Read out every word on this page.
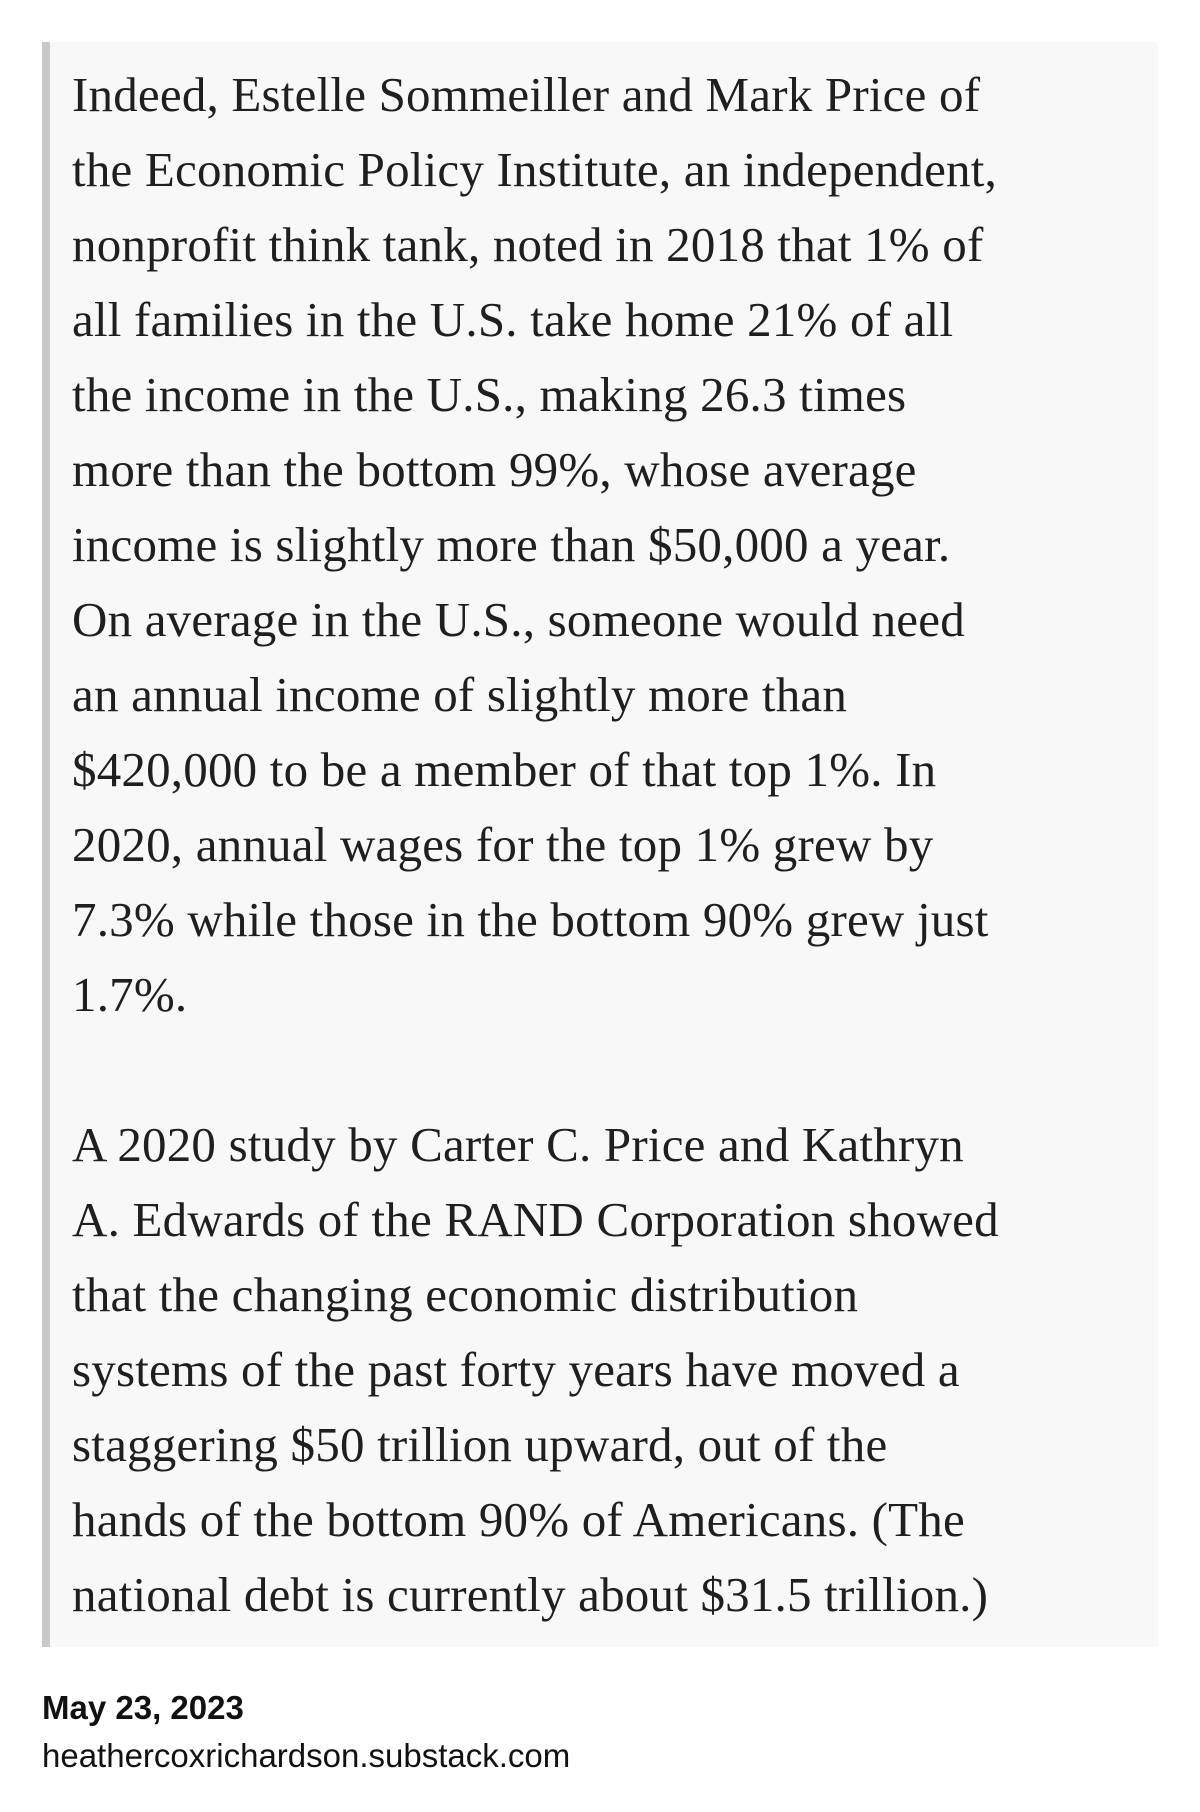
Indeed, Estelle Sommeiller and Mark Price of
the Economic Policy Institute, an independent,
nonprofit think tank, noted in 2018 that 1% of
all families in the U.S. take home 21% of all
the income in the U.S., making 26.3 times
more than the bottom 99%, whose average
income is slightly more than $50,000 a year.
On average in the U.S., someone would need
an annual income of slightly more than
$420,000 to be a member of that top 1%. In
2020, annual wages for the top 1% grew by
7.3% while those in the bottom 90% grew just
1.7%.

A 2020 study by Carter C. Price and Kathryn
A. Edwards of the RAND Corporation showed
that the changing economic distribution
systems of the past forty years have moved a
staggering $50 trillion upward, out of the
hands of the bottom 90% of Americans. (The
national debt is currently about $31.5 trillion.)

May 23, 2023
heathercoxrichardson.substack.com
